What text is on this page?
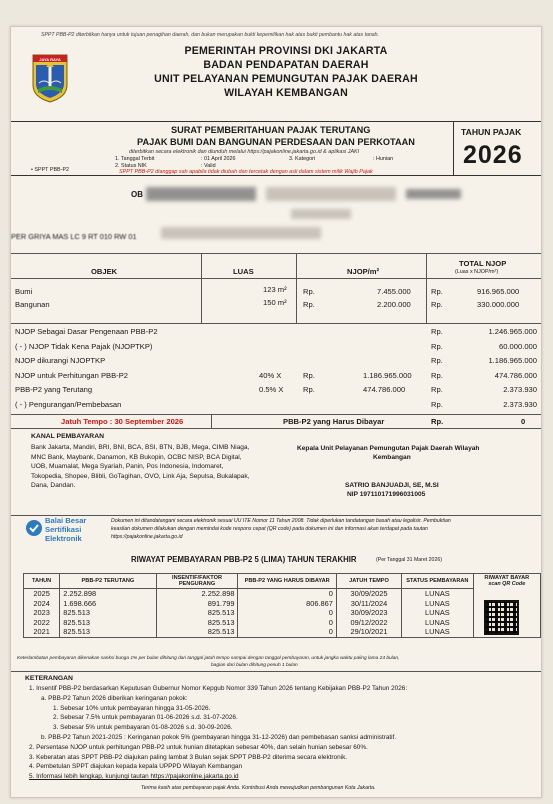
SPPT PBB-P2 diterbitkan hanya untuk tujuan penagihan daerah, dan bukan merupakan bukti kepemilikan hak atas bukti pembantu hak atas tanah.
JAYA RAYA
PEMERINTAH PROVINSI DKI JAKARTA
BADAN PENDAPATAN DAERAH
UNIT PELAYANAN PEMUNGUTAN PAJAK DAERAH
WILAYAH KEMBANGAN
SURAT PEMBERITAHUAN PAJAK TERUTANG
PAJAK BUMI DAN BANGUNAN PERDESAAN DAN PERKOTAAN
diterbitkan secara elektronik dan diunduh melalui https://pajakonline.jakarta.go.id & aplikasi JAKI
1. Tanggal Terbit	: 01 April 2026
2. Status NIK	: Valid
3. Kategori	: Hunian
SPPT PBB-P2 dianggap sah apabila tidak diubah dan tercetak dengan asli dalam sistem milik Wajib Pajak
• SPPT PBB-P2
TAHUN PAJAK
2026
OB
PER GRIYA MAS LC 9 RT 010 RW 01
OBJEK	LUAS	NJOP/m²
TOTAL NJOP
(Luas x NJOP/m²)
Bumi	123 m² Rp.	7.455.000	Rp.	916.965.000
Bangunan	150 m² Rp.	2.200.000	Rp.	330.000.000
NJOP Sebagai Dasar Pengenaan PBB-P2	Rp.	1.246.965.000
( - ) NJOP Tidak Kena Pajak (NJOPTKP)	Rp.	60.000.000
NJOP dikurangi NJOPTKP	Rp.	1.186.965.000
NJOP untuk Perhitungan PBB-P2	40% X	Rp.	1.186.965.000	Rp.	474.786.000
PBB-P2 yang Terutang	0.5% X	Rp.	474.786.000	Rp.	2.373.930
( - ) Pengurangan/Pembebasan	Rp.	2.373.930
Jatuh Tempo : 30 September 2026	PBB-P2 yang Harus Dibayar	Rp.	0
KANAL PEMBAYARAN
Bank Jakarta, Mandiri, BRI, BNI, BCA, BSI, BTN, BJB, Mega, CIMB Niaga,
MNC Bank, Maybank, Danamon, KB Bukopin, OCBC NISP, BCA Digital,
UOB, Muamalat, Mega Syariah, Panin, Pos Indonesia, Indomaret,
Tokopedia, Shopee, Blibli, GoTagihan, OVO, Link Aja, Sepulsa, Bukalapak,
Dana, Dandan.
Kepala Unit Pelayanan Pemungutan Pajak Daerah Wilayah
Kembangan
SATRIO BANJUADJI, SE, M.SI
NIP 197110171996031005
Balai Besar
Sertifikasi
Elektronik
Dokumen ini ditandatangani secara elektronik sesuai UU ITE Nomor 11 Tahun 2008. Tidak diperlukan tandatangan basah atau legalisir. Pembuktian
keaslian dokumen dilakukan dengan memindai kode respons cepat (QR code) pada dokumen ini dan informasi akan terdapat pada tautan
https://pajakonline.jakarta.go.id
RIWAYAT PEMBAYARAN PBB-P2 5 (LIMA) TAHUN TERAKHIR	(Per Tanggal 31 Maret 2026)
TAHUN	PBB-P2 TERUTANG	INSENTIF/FAKTOR PENGURANG	PBB-P2 YANG HARUS DIBAYAR	JATUH TEMPO	STATUS PEMBAYARAN	RIWAYAT BAYAR
scan QR Code

2025	2.252.898	2.252.898	0	30/09/2025	LUNAS	
2024	1.698.666	891.799	806.867	30/11/2024	LUNAS	
2023	825.513	825.513	0	30/09/2023	LUNAS	
2022	825.513	825.513	0	09/12/2022	LUNAS	
2021	825.513	825.513	0	29/10/2021	LUNAS	
Keterlambatan pembayaran dikenakan sanksi bunga 1% per bulan dihitung dari tanggal jatuh tempo sampai dengan tanggal pembayaran, untuk jangka waktu paling lama 24 bulan,
bagian dari bulan dihitung penuh 1 bulan
KETERANGAN
1. Insentif PBB-P2 berdasarkan Keputusan Gubernur Nomor Kepgub Nomor 339 Tahun 2026 tentang Kebijakan PBB-P2 Tahun 2026:
a. PBB-P2 Tahun 2026 diberikan keringanan pokok:
1. Sebesar 10% untuk pembayaran hingga 31-05-2026.
2. Sebesar 7.5% untuk pembayaran 01-06-2026 s.d. 31-07-2026.
3. Sebesar 5% untuk pembayaran 01-08-2026 s.d. 30-09-2026.
b. PBB-P2 Tahun 2021-2025 : Keringanan pokok 5% (pembayaran hingga 31-12-2026) dan pembebasan sanksi administratif.
2. Persentase NJOP untuk perhitungan PBB-P2 untuk hunian ditetapkan sebesar 40%, dan selain hunian sebesar 60%.
3. Keberatan atas SPPT PBB-P2 diajukan paling lambat 3 Bulan sejak SPPT PBB-P2 diterima secara elektronik.
4. Pembetulan SPPT diajukan kepada kepala UPPPD Wilayah Kembangan
5. Informasi lebih lengkap, kunjungi tautan https://pajakonline.jakarta.go.id
Terima kasih atas pembayaran pajak Anda. Kontribusi Anda mewujudkan pembangunan Kota Jakarta.
